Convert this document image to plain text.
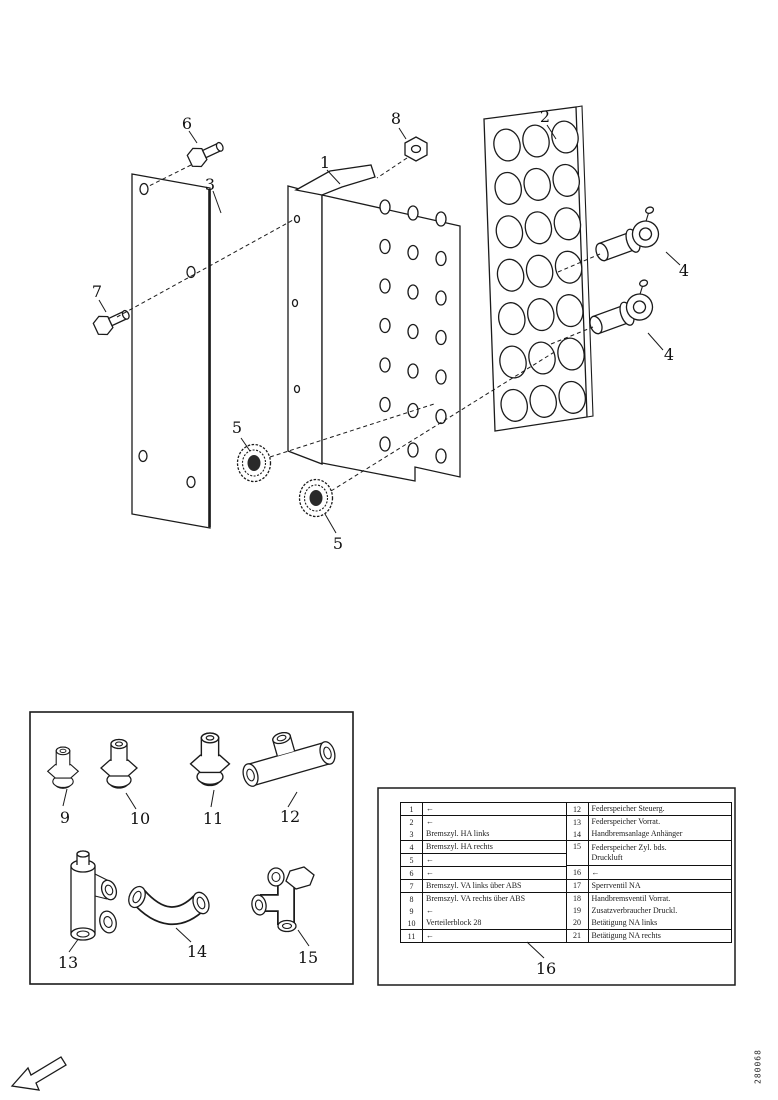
1
2
3
4
4
5
5
6
7
8
9	10	11	12
13
14	15
16
1	←
2	←
3	Bremszyl. HA links
4	Bremszyl. HA rechts
5	←
6	←
7	Bremszyl. VA links über ABS
8	Bremszyl. VA rechts über ABS
9	←
10	Verteilerblock 28
11	←
12	Federspeicher Steuerg.
13	Federspeicher Vorrat.
14	Handbremsanlage Anhänger
15	Federspeicher Zyl. bds.
Druckluft
16	←
17	Sperrventil NA
18	Handbremsventil Vorrat.
19	Zusatzverbraucher Druckl.
20	Betätigung NA links
21	Betätigung NA rechts
280068
